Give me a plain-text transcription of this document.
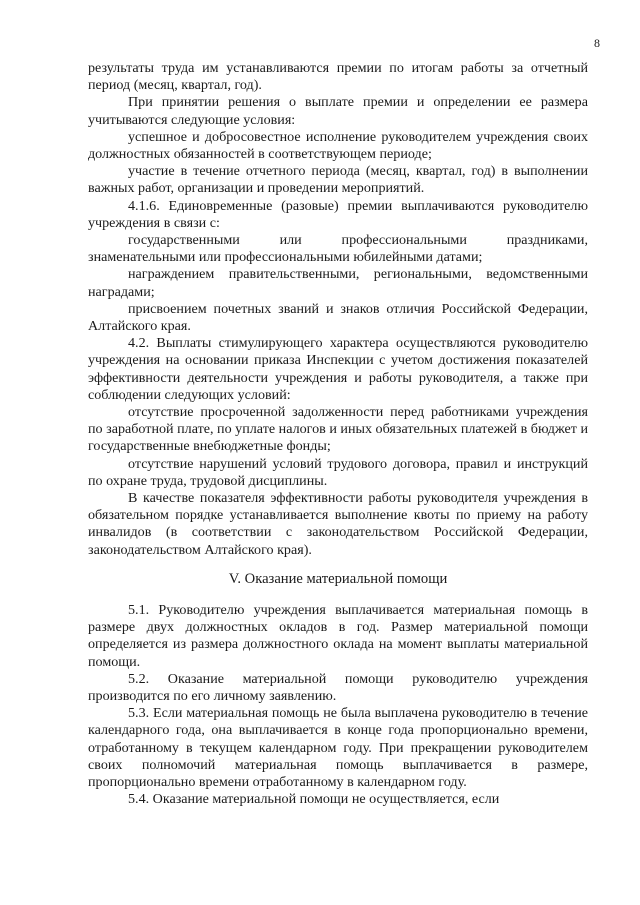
8

результаты труда им устанавливаются премии по итогам работы за отчетный период (месяц, квартал, год).

При принятии решения о выплате премии и определении ее размера учитываются следующие условия:

успешное и добросовестное исполнение руководителем учреждения своих должностных обязанностей в соответствующем периоде;

участие в течение отчетного периода (месяц, квартал, год) в выполнении важных работ, организации и проведении мероприятий.

4.1.6. Единовременные (разовые) премии выплачиваются руководителю учреждения в связи с:

государственными или профессиональными праздниками, знаменательными или профессиональными юбилейными датами;

награждением правительственными, региональными, ведомственными наградами;

присвоением почетных званий и знаков отличия Российской Федерации, Алтайского края.

4.2. Выплаты стимулирующего характера осуществляются руководителю учреждения на основании приказа Инспекции с учетом достижения показателей эффективности деятельности учреждения и работы руководителя, а также при соблюдении следующих условий:

отсутствие просроченной задолженности перед работниками учреждения по заработной плате, по уплате налогов и иных обязательных платежей в бюджет и государственные внебюджетные фонды;

отсутствие нарушений условий трудового договора, правил и инструкций по охране труда, трудовой дисциплины.

В качестве показателя эффективности работы руководителя учреждения в обязательном порядке устанавливается выполнение квоты по приему на работу инвалидов (в соответствии с законодательством Российской Федерации, законодательством Алтайского края).

V. Оказание материальной помощи

5.1. Руководителю учреждения выплачивается материальная помощь в размере двух должностных окладов в год. Размер материальной помощи определяется из размера должностного оклада на момент выплаты материальной помощи.

5.2. Оказание материальной помощи руководителю учреждения производится по его личному заявлению.

5.3. Если материальная помощь не была выплачена руководителю в течение календарного года, она выплачивается в конце года пропорционально времени, отработанному в текущем календарном году. При прекращении руководителем своих полномочий материальная помощь выплачивается в размере, пропорционально времени отработанному в календарном году.

5.4. Оказание материальной помощи не осуществляется, если
